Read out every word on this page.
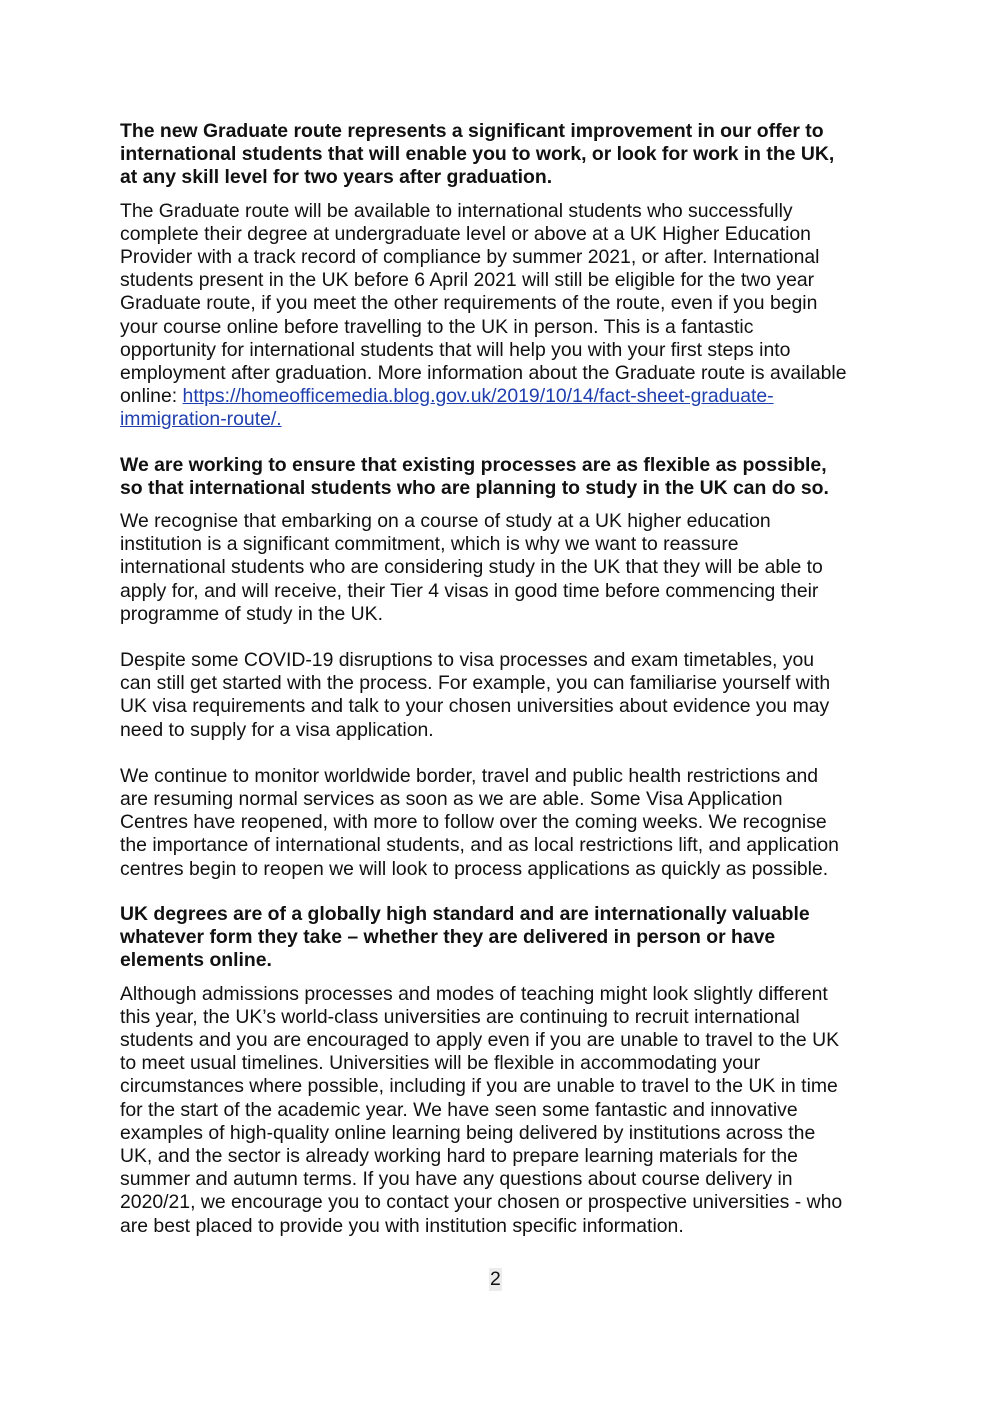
The new Graduate route represents a significant improvement in our offer to
international students that will enable you to work, or look for work in the UK,
at any skill level for two years after graduation.
The Graduate route will be available to international students who successfully
complete their degree at undergraduate level or above at a UK Higher Education
Provider with a track record of compliance by summer 2021, or after. International
students present in the UK before 6 April 2021 will still be eligible for the two year
Graduate route, if you meet the other requirements of the route, even if you begin
your course online before travelling to the UK in person. This is a fantastic
opportunity for international students that will help you with your first steps into
employment after graduation. More information about the Graduate route is available
online: https://homeofficemedia.blog.gov.uk/2019/10/14/fact-sheet-graduate-
immigration-route/.
We are working to ensure that existing processes are as flexible as possible,
so that international students who are planning to study in the UK can do so.
We recognise that embarking on a course of study at a UK higher education
institution is a significant commitment, which is why we want to reassure
international students who are considering study in the UK that they will be able to
apply for, and will receive, their Tier 4 visas in good time before commencing their
programme of study in the UK.
Despite some COVID-19 disruptions to visa processes and exam timetables, you
can still get started with the process. For example, you can familiarise yourself with
UK visa requirements and talk to your chosen universities about evidence you may
need to supply for a visa application.
We continue to monitor worldwide border, travel and public health restrictions and
are resuming normal services as soon as we are able. Some Visa Application
Centres have reopened, with more to follow over the coming weeks. We recognise
the importance of international students, and as local restrictions lift, and application
centres begin to reopen we will look to process applications as quickly as possible.
UK degrees are of a globally high standard and are internationally valuable
whatever form they take – whether they are delivered in person or have
elements online.
Although admissions processes and modes of teaching might look slightly different
this year, the UK’s world-class universities are continuing to recruit international
students and you are encouraged to apply even if you are unable to travel to the UK
to meet usual timelines. Universities will be flexible in accommodating your
circumstances where possible, including if you are unable to travel to the UK in time
for the start of the academic year. We have seen some fantastic and innovative
examples of high-quality online learning being delivered by institutions across the
UK, and the sector is already working hard to prepare learning materials for the
summer and autumn terms. If you have any questions about course delivery in
2020/21, we encourage you to contact your chosen or prospective universities - who
are best placed to provide you with institution specific information.
2
